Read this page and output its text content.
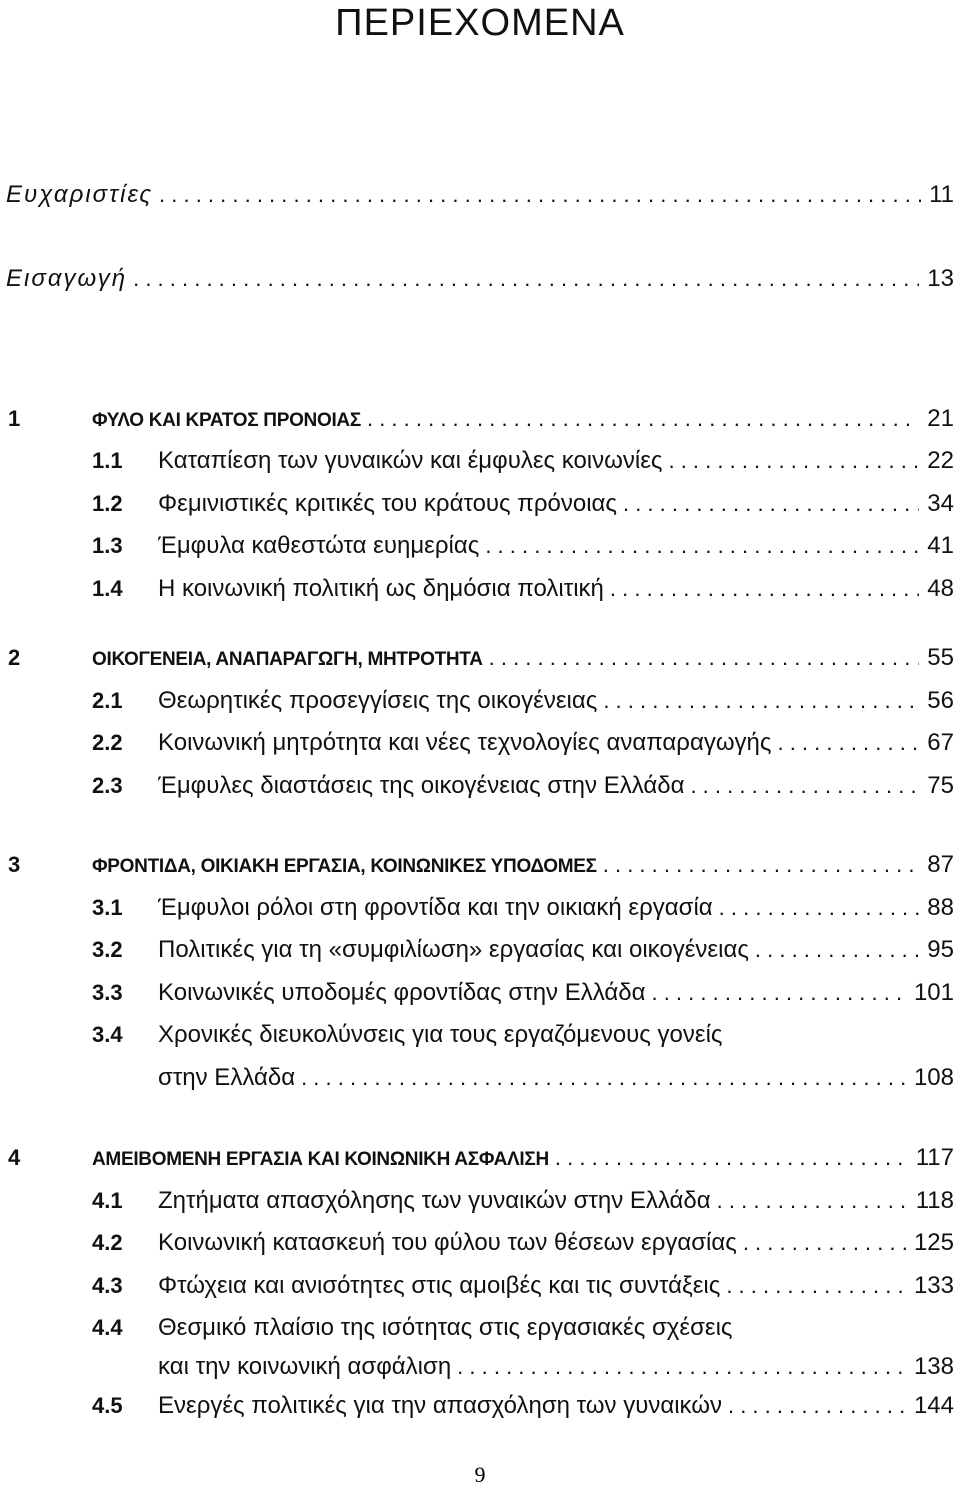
ΠΕΡΙΕΧΟΜΕΝΑ
Ευχαριστίες . . .	11
Εισαγωγή . . .	13
1	ΦΥΛΟ ΚΑΙ ΚΡΑΤΟΣ ΠΡΟΝΟΙΑΣ . . .	21
1.1 Καταπίεση των γυναικών και έμφυλες κοινωνίες . . .	22
1.2 Φεμινιστικές κριτικές του κράτους πρόνοιας . . .	34
1.3 Έμφυλα καθεστώτα ευημερίας . . .	41
1.4 Η κοινωνική πολιτική ως δημόσια πολιτική . . .	48
2	ΟΙΚΟΓΕΝΕΙΑ, ΑΝΑΠΑΡΑΓΩΓΗ, ΜΗΤΡΟΤΗΤΑ . . .	55
2.1 Θεωρητικές προσεγγίσεις της οικογένειας . . .	56
2.2 Κοινωνική μητρότητα και νέες τεχνολογίες αναπαραγωγής . . .	67
2.3 Έμφυλες διαστάσεις της οικογένειας στην Ελλάδα . . .	75
3	ΦΡΟΝΤΙΔΑ, ΟΙΚΙΑΚΗ ΕΡΓΑΣΙΑ, ΚΟΙΝΩΝΙΚΕΣ ΥΠΟΔΟΜΕΣ . . .	87
3.1 Έμφυλοι ρόλοι στη φροντίδα και την οικιακή εργασία . . .	88
3.2 Πολιτικές για τη «συμφιλίωση» εργασίας και οικογένειας . . .	95
3.3 Κοινωνικές υποδομές φροντίδας στην Ελλάδα . . .	101
3.4 Χρονικές διευκολύνσεις για τους εργαζόμενους γονείς
στην Ελλάδα . . .	108
4	ΑΜΕΙΒΟΜΕΝΗ ΕΡΓΑΣΙΑ ΚΑΙ ΚΟΙΝΩΝΙΚΗ ΑΣΦΑΛΙΣΗ . . .	117
4.1 Ζητήματα απασχόλησης των γυναικών στην Ελλάδα . . .	118
4.2 Κοινωνική κατασκευή του φύλου των θέσεων εργασίας . . .	125
4.3 Φτώχεια και ανισότητες στις αμοιβές και τις συντάξεις . . .	133
4.4 Θεσμικό πλαίσιο της ισότητας στις εργασιακές σχέσεις
και την κοινωνική ασφάλιση . . .	138
4.5 Ενεργές πολιτικές για την απασχόληση των γυναικών . . .	144
9
